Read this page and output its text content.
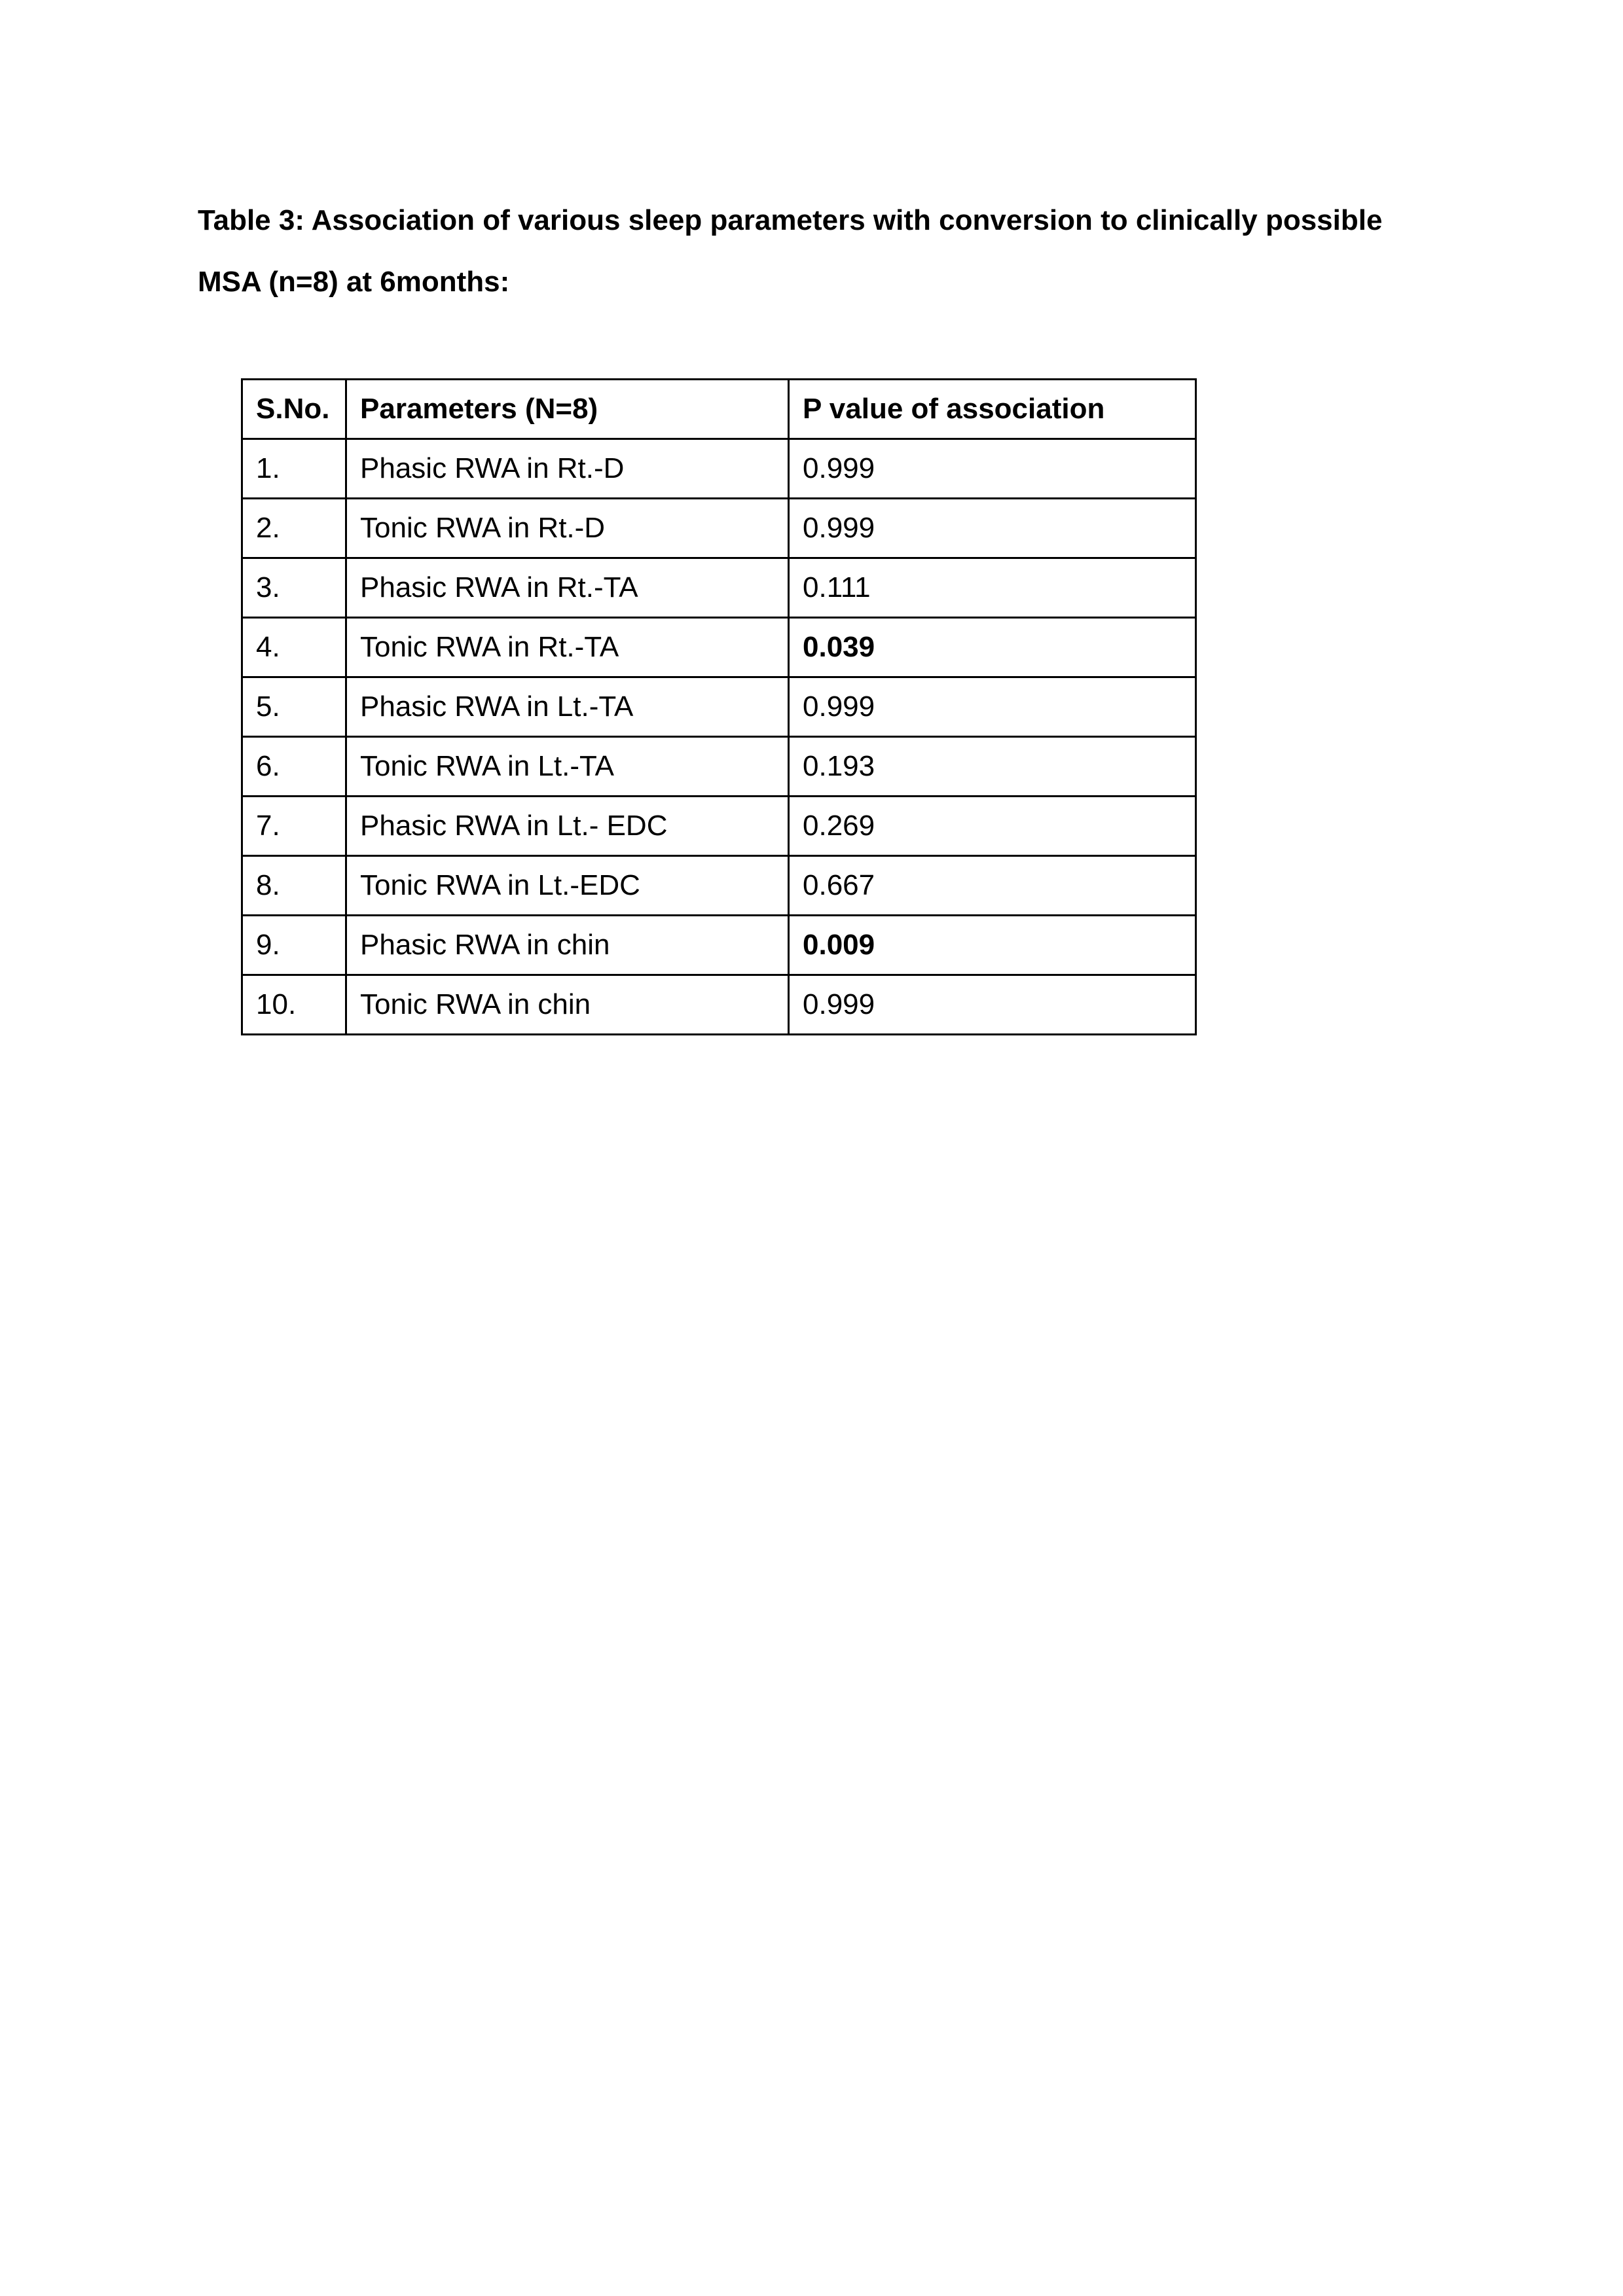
Table 3: Association of various sleep parameters with conversion to clinically possible
MSA (n=8) at 6months:
S.No.	Parameters (N=8)	P value of association
1.	Phasic RWA in Rt.-D	0.999
2.	Tonic RWA in Rt.-D	0.999
3.	Phasic RWA in Rt.-TA	0.111
4.	Tonic RWA in Rt.-TA	0.039
5.	Phasic RWA in Lt.-TA	0.999
6.	Tonic RWA in Lt.-TA	0.193
7.	Phasic RWA in Lt.- EDC	0.269
8.	Tonic RWA in Lt.-EDC	0.667
9.	Phasic RWA in chin	0.009
10.	Tonic RWA in chin	0.999
